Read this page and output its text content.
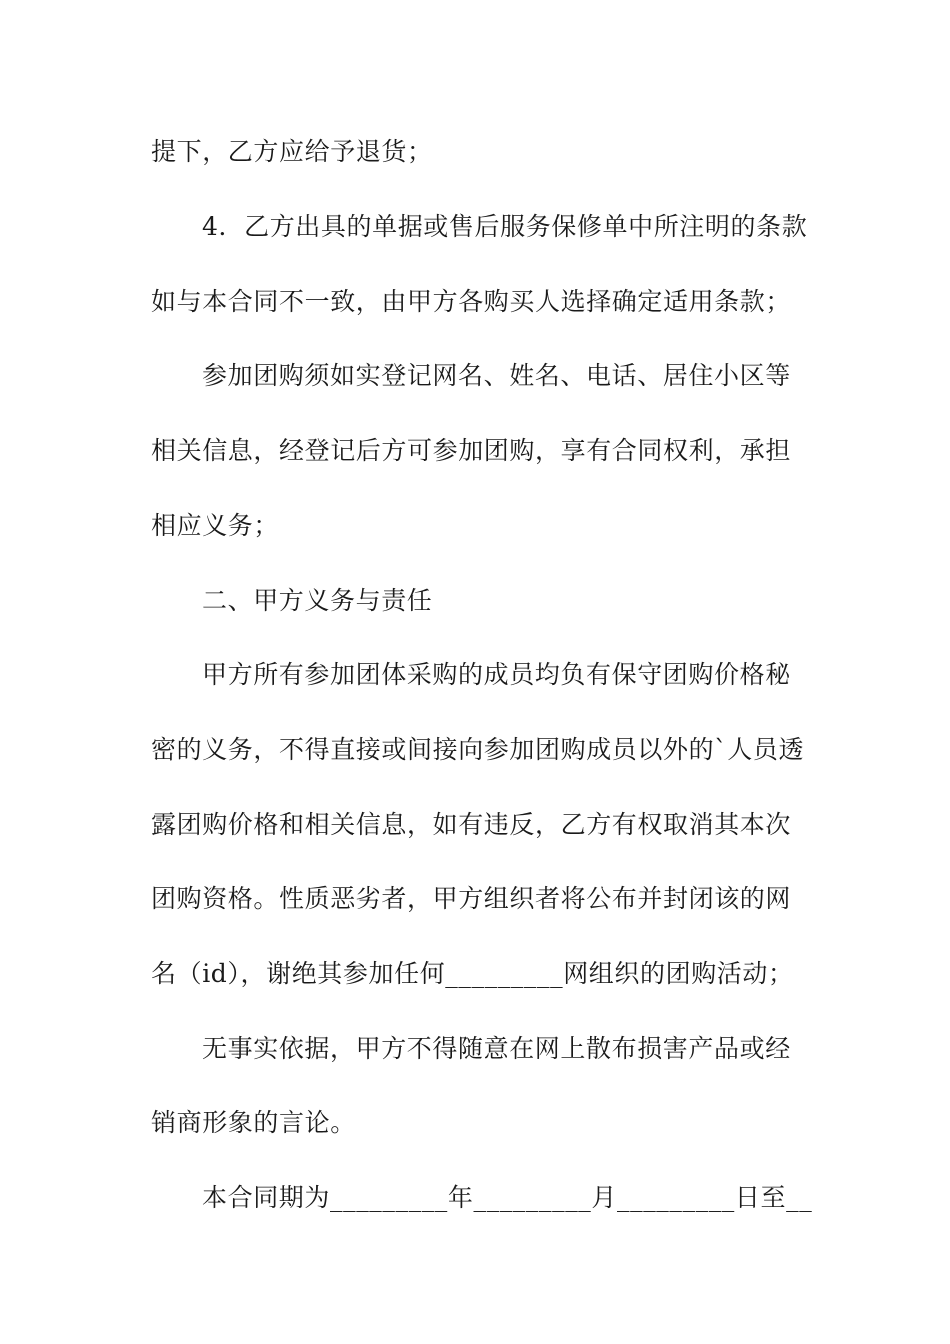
提下，乙方应给予退货；
4．乙方出具的单据或售后服务保修单中所注明的条款
如与本合同不一致，由甲方各购买人选择确定适用条款；
参加团购须如实登记网名、姓名、电话、居住小区等
相关信息，经登记后方可参加团购，享有合同权利，承担
相应义务；
二、甲方义务与责任
甲方所有参加团体采购的成员均负有保守团购价格秘
密的义务，不得直接或间接向参加团购成员以外的`人员透
露团购价格和相关信息，如有违反，乙方有权取消其本次
团购资格。性质恶劣者，甲方组织者将公布并封闭该的网
名（id），谢绝其参加任何_________网组织的团购活动；
无事实依据，甲方不得随意在网上散布损害产品或经
销商形象的言论。
本合同期为_________年_________月_________日至__
